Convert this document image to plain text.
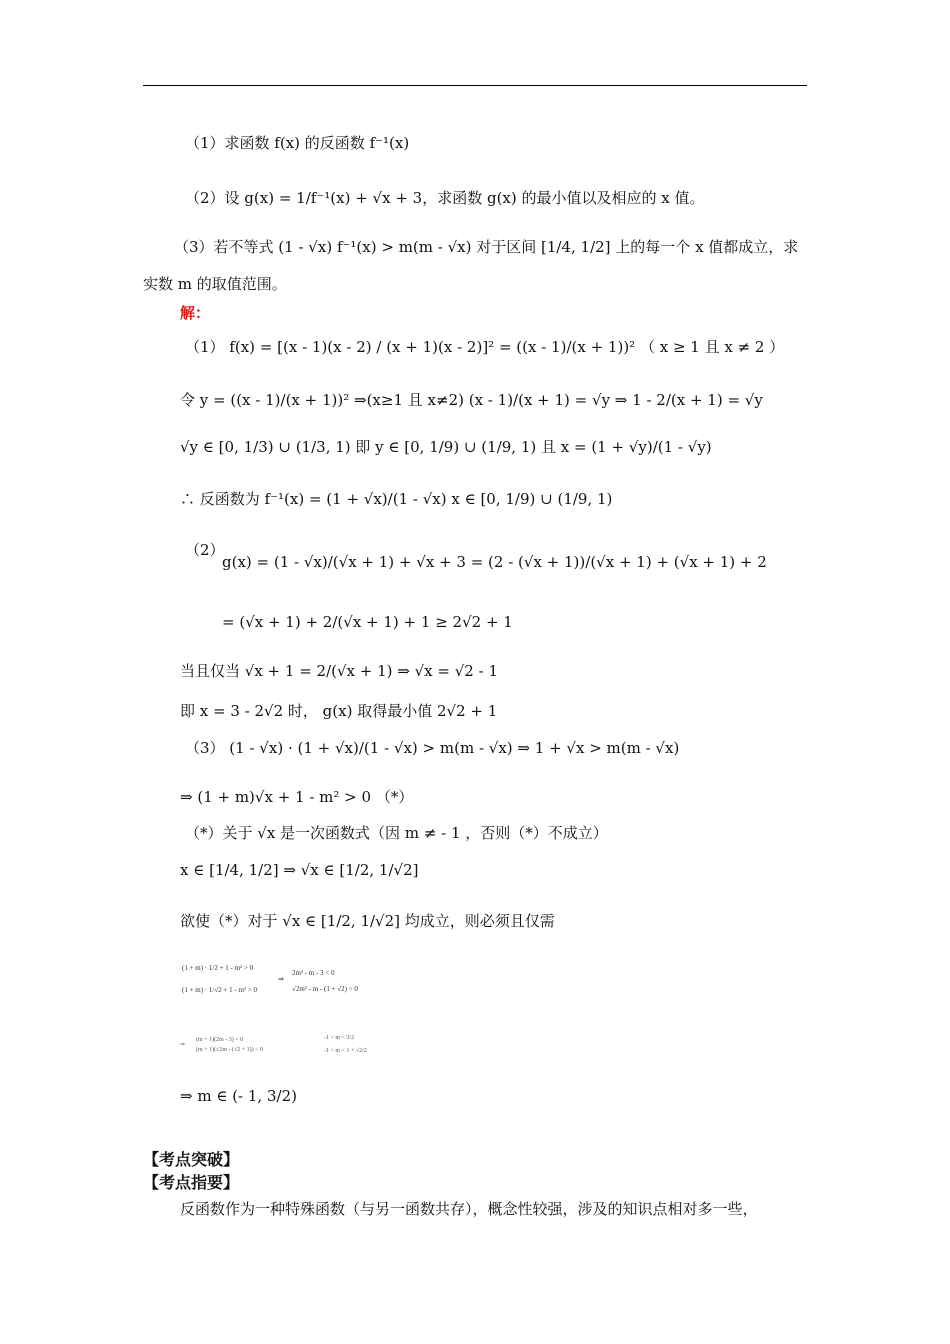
（1）求函数 f(x) 的反函数 f⁻¹(x)
（2）设 g(x) = 1/f⁻¹(x) + √x + 3，求函数 g(x) 的最小值以及相应的 x 值。
（3）若不等式 (1 - √x) f⁻¹(x) > m(m - √x) 对于区间 [1/4, 1/2] 上的每一个 x 值都成立，求
实数 m 的取值范围。
解：
（1） f(x) = [(x - 1)(x - 2) / (x + 1)(x - 2)]² = ((x - 1)/(x + 1))² （ x ≥ 1 且 x ≠ 2 ）
令 y = ((x - 1)/(x + 1))² ⇒(x≥1 且 x≠2) (x - 1)/(x + 1) = √y ⇒ 1 - 2/(x + 1) = √y
√y ∈ [0, 1/3) ∪ (1/3, 1) 即 y ∈ [0, 1/9) ∪ (1/9, 1) 且 x = (1 + √y)/(1 - √y)
∴ 反函数为 f⁻¹(x) = (1 + √x)/(1 - √x) x ∈ [0, 1/9) ∪ (1/9, 1)
（2）
g(x) = (1 - √x)/(√x + 1) + √x + 3 = (2 - (√x + 1))/(√x + 1) + (√x + 1) + 2
= (√x + 1) + 2/(√x + 1) + 1 ≥ 2√2 + 1
当且仅当 √x + 1 = 2/(√x + 1) ⇒ √x = √2 - 1
即 x = 3 - 2√2 时， g(x) 取得最小值 2√2 + 1
（3） (1 - √x) · (1 + √x)/(1 - √x) > m(m - √x) ⇒ 1 + √x > m(m - √x)
⇒ (1 + m)√x + 1 - m² > 0 （*）
（*）关于 √x 是一次函数式（因 m ≠ - 1 ，否则（*）不成立）
x ∈ [1/4, 1/2] ⇒ √x ∈ [1/2, 1/√2]
欲使（*）对于 √x ∈ [1/2, 1/√2] 均成立，则必须且仅需
(1 + m) · 1/2 + 1 - m² > 0
(1 + m) · 1/√2 + 1 - m² > 0
⇒
2m² - m - 3 < 0
√2m² - m - (1 + √2) < 0
⇒
(m + 1)(2m - 3) < 0
(m + 1)(√2m - (√2 + 1)) < 0
-1 < m < 3/2
-1 < m < 1 + √2/2
⇒ m ∈ (- 1, 3/2)
【考点突破】
【考点指要】
反函数作为一种特殊函数（与另一函数共存），概念性较强，涉及的知识点相对多一些，
